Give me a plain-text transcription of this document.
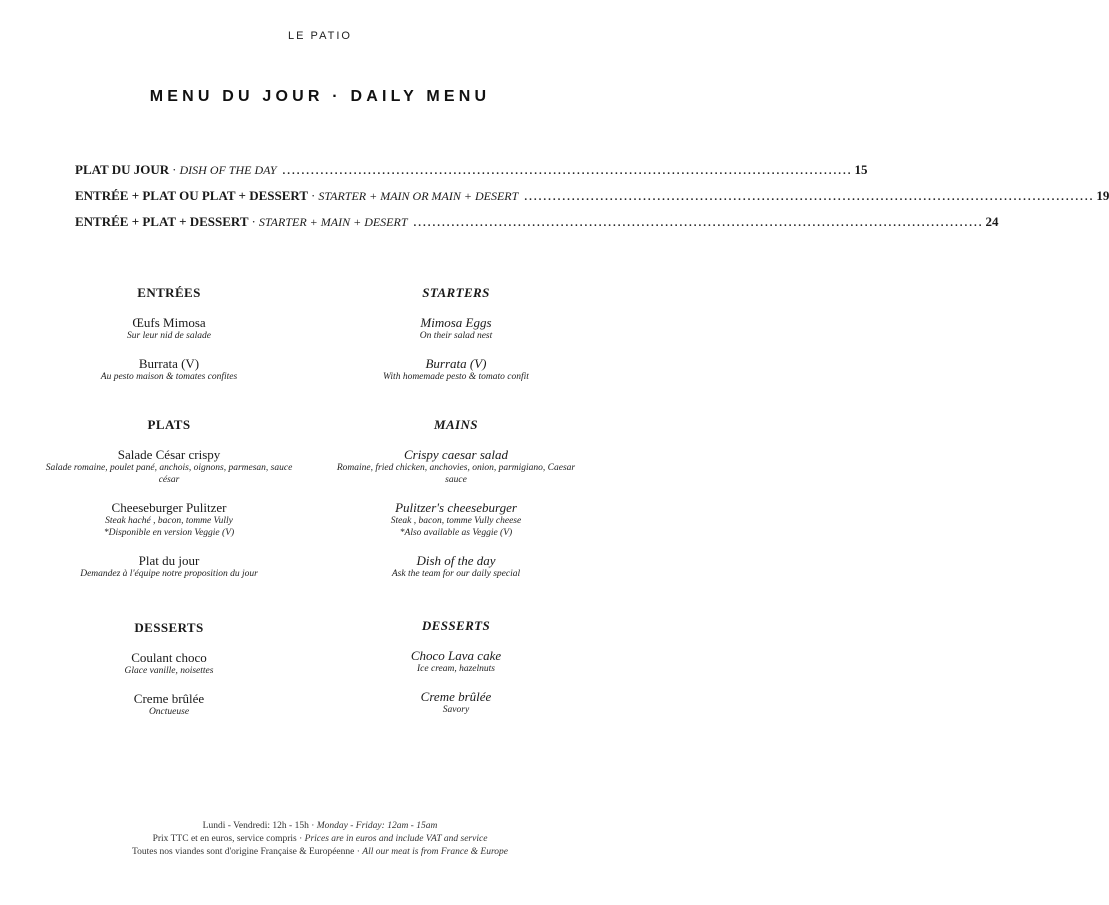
LE PATIO
MENU DU JOUR · DAILY MENU
PLAT DU JOUR · DISH OF THE DAY ........................................................................................................................ 15
ENTRÉE + PLAT OU PLAT + DESSERT · STARTER + MAIN OR MAIN + DESERT ........................................................................................................................ 19
ENTRÉE + PLAT + DESSERT · STARTER + MAIN + DESERT ........................................................................................................................ 24
ENTRÉES
Œufs Mimosa
Sur leur nid de salade
Burrata (V)
Au pesto maison & tomates confites
PLATS
Salade César crispy
Salade romaine, poulet pané, anchois, oignons, parmesan, sauce césar
Cheeseburger Pulitzer
Steak haché , bacon, tomme Vully
*Disponible en version Veggie (V)
Plat du jour
Demandez à l'équipe notre proposition du jour
DESSERTS
Coulant choco
Glace vanille, noisettes
Creme brûlée
Onctueuse
STARTERS
Mimosa Eggs
On their salad nest
Burrata (V)
With homemade pesto & tomato confit
MAINS
Crispy caesar salad
Romaine, fried chicken, anchovies, onion, parmigiano, Caesar sauce
Pulitzer's cheeseburger
Steak , bacon, tomme Vully cheese
*Also available as Veggie (V)
Dish of the day
Ask the team for our daily special
DESSERTS
Choco Lava cake
Ice cream, hazelnuts
Creme brûlée
Savory
Lundi - Vendredi: 12h - 15h · Monday - Friday: 12am - 15am
Prix TTC et en euros, service compris · Prices are in euros and include VAT and service
Toutes nos viandes sont d'origine Française & Européenne · All our meat is from France & Europe
